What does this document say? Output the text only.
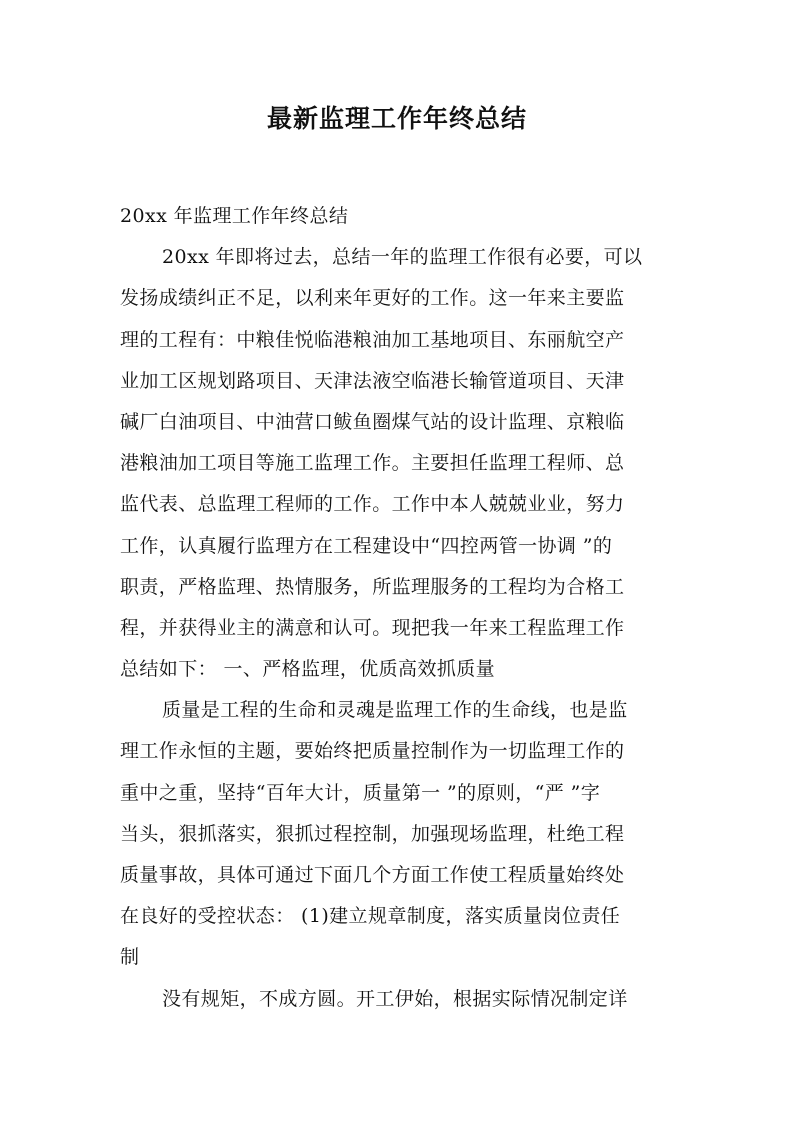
最新监理工作年终总结

20xx 年监理工作年终总结

20xx 年即将过去，总结一年的监理工作很有必要，可以

发扬成绩纠正不足，以利来年更好的工作。这一年来主要监

理的工程有：中粮佳悦临港粮油加工基地项目、东丽航空产

业加工区规划路项目、天津法液空临港长输管道项目、天津

碱厂白油项目、中油营口鲅鱼圈煤气站的设计监理、京粮临

港粮油加工项目等施工监理工作。主要担任监理工程师、总

监代表、总监理工程师的工作。工作中本人兢兢业业，努力

工作，认真履行监理方在工程建设中“四控两管一协调 ”的

职责，严格监理、热情服务，所监理服务的工程均为合格工

程，并获得业主的满意和认可。现把我一年来工程监理工作

总结如下： 一、严格监理，优质高效抓质量

质量是工程的生命和灵魂是监理工作的生命线，也是监

理工作永恒的主题，要始终把质量控制作为一切监理工作的

重中之重，坚持“百年大计，质量第一 ”的原则，“严 ”字

当头，狠抓落实，狠抓过程控制，加强现场监理，杜绝工程

质量事故，具体可通过下面几个方面工作使工程质量始终处

在良好的受控状态： (1)建立规章制度，落实质量岗位责任

制

没有规矩，不成方圆。开工伊始，根据实际情况制定详
